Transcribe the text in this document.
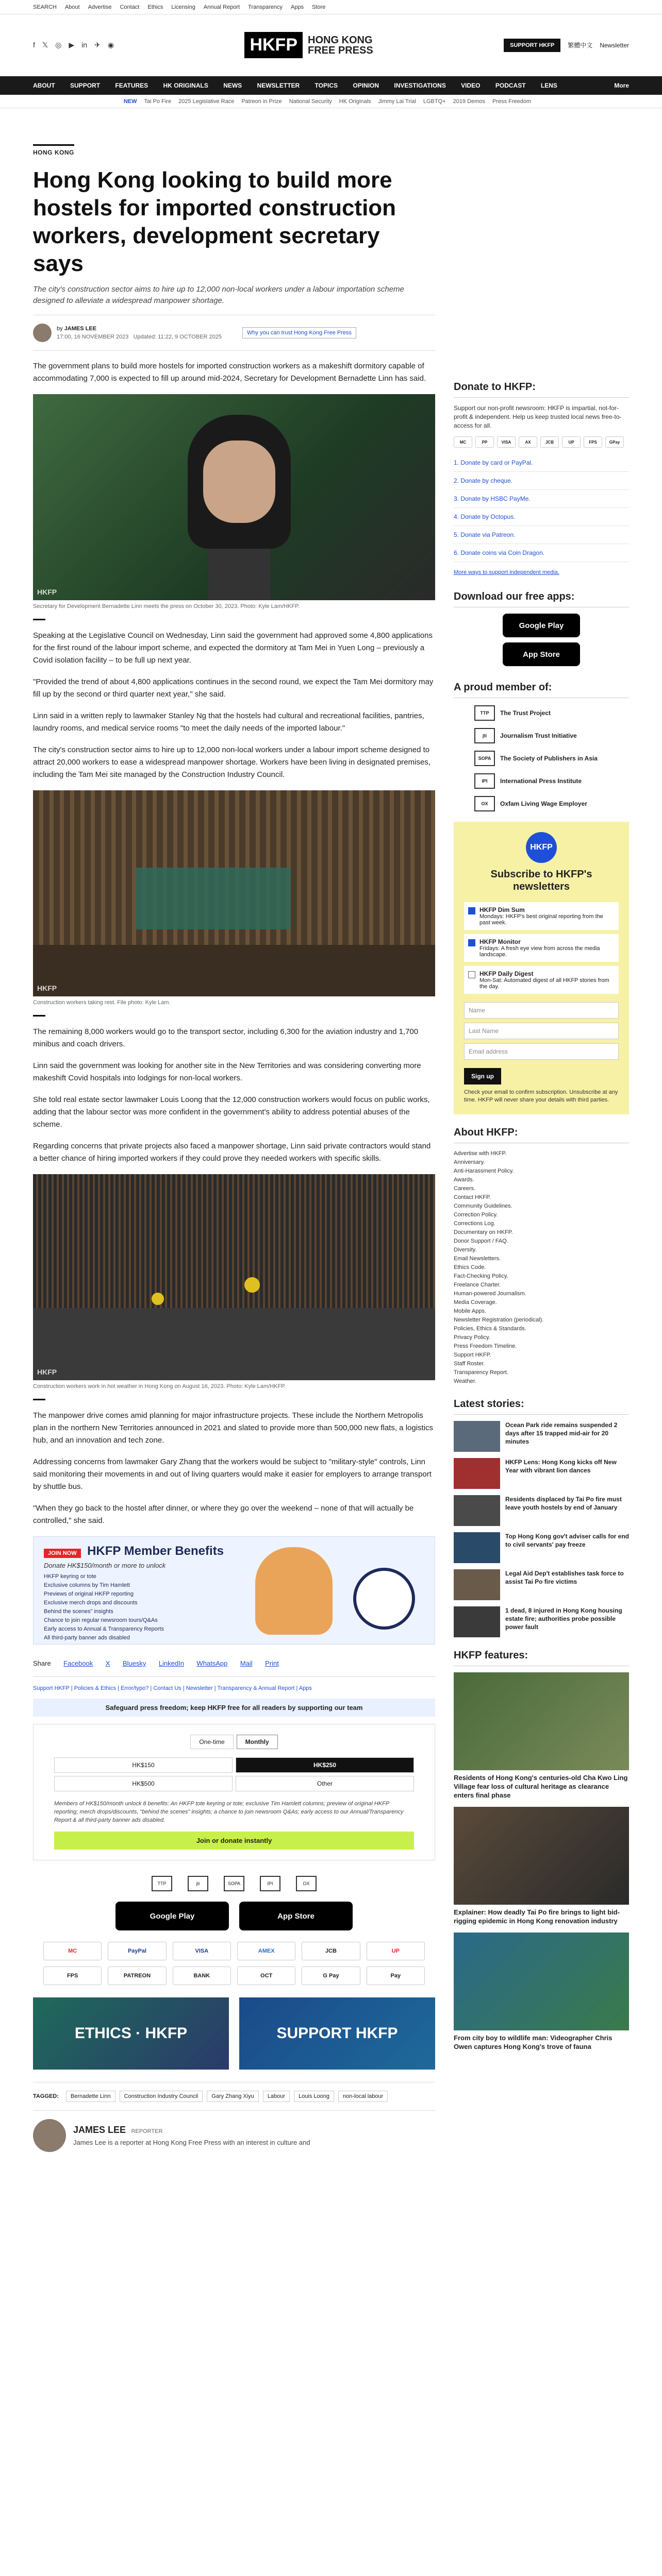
SEARCH About Advertise Contact Ethics Licensing Annual Report Transparency Apps Store
f 𝕏 ◎ ▶ in ✈ ◉	HKFP	HONG KONG
FREE PRESS	SUPPORT HKFP	繁體中文 Newsletter
ABOUT SUPPORT FEATURES HK ORIGINALS NEWS NEWSLETTER TOPICS OPINION INVESTIGATIONS VIDEO PODCAST LENS	More
NEW Tai Po Fire 2025 Legislative Race Patreon in Prize National Security HK Originals Jimmy Lai Trial LGBTQ+ 2019 Demos Press Freedom
HONG KONG
Hong Kong looking to build more hostels for imported construction workers, development secretary says
The city's construction sector aims to hire up to 12,000 non-local workers under a labour importation scheme designed to alleviate a widespread manpower shortage.
by JAMES LEE
17:00, 16 NOVEMBER 2023 Updated: 11:22, 9 OCTOBER 2025
Why you can trust Hong Kong Free Press

The government plans to build more hostels for imported construction workers as a makeshift dormitory capable of accommodating 7,000 is expected to fill up around mid-2024, Secretary for Development Bernadette Linn has said.

HKFP
Secretary for Development Bernadette Linn meets the press on October 30, 2023. Photo: Kyle Lam/HKFP.

Speaking at the Legislative Council on Wednesday, Linn said the government had approved some 4,800 applications for the first round of the labour import scheme, and expected the dormitory at Tam Mei in Yuen Long – previously a Covid isolation facility – to be full up next year.

"Provided the trend of about 4,800 applications continues in the second round, we expect the Tam Mei dormitory may fill up by the second or third quarter next year," she said.

Linn said in a written reply to lawmaker Stanley Ng that the hostels had cultural and recreational facilities, pantries, laundry rooms, and medical service rooms "to meet the daily needs of the imported labour."

The city's construction sector aims to hire up to 12,000 non-local workers under a labour import scheme designed to attract 20,000 workers to ease a widespread manpower shortage. Workers have been living in designated premises, including the Tam Mei site managed by the Construction Industry Council.

HKFP
Construction workers taking rest. File photo: Kyle Lam.

The remaining 8,000 workers would go to the transport sector, including 6,300 for the aviation industry and 1,700 minibus and coach drivers.

Linn said the government was looking for another site in the New Territories and was considering converting more makeshift Covid hospitals into lodgings for non-local workers.

She told real estate sector lawmaker Louis Loong that the 12,000 construction workers would focus on public works, adding that the labour sector was more confident in the government's ability to address potential abuses of the scheme.

Regarding concerns that private projects also faced a manpower shortage, Linn said private contractors would stand a better chance of hiring imported workers if they could prove they needed workers with specific skills.

HKFP
Construction workers work in hot weather in Hong Kong on August 16, 2023. Photo: Kyle Lam/HKFP.

The manpower drive comes amid planning for major infrastructure projects. These include the Northern Metropolis plan in the northern New Territories announced in 2021 and slated to provide more than 500,000 new flats, a logistics hub, and an innovation and tech zone.

Addressing concerns from lawmaker Gary Zhang that the workers would be subject to "military-style" controls, Linn said monitoring their movements in and out of living quarters would make it easier for employers to arrange transport by shuttle bus.

"When they go back to the hostel after dinner, or where they go over the weekend – none of that will actually be controlled," she said.

JOIN NOW HKFP Member Benefits
Donate HK$150/month or more to unlock
HKFP keyring or tote
Exclusive columns by Tim Hamlett
Previews of original HKFP reporting
Exclusive merch drops and discounts
Behind the scenes" insights
Chance to join regular newsroom tours/Q&As
Early access to Annual & Transparency Reports
All third-party banner ads disabled
Share Facebook X Bluesky LinkedIn WhatsApp Mail Print
Support HKFP | Policies & Ethics | Error/typo? | Contact Us | Newsletter | Transparency & Annual Report | Apps
Safeguard press freedom; keep HKFP free for all readers by supporting our team
One-time	Monthly
HK$150	HK$250
HK$500	Other
Members of HK$150/month unlock 8 benefits: An HKFP tote keyring or tote; exclusive Tim Hamlett columns; preview of original HKFP reporting; merch drops/discounts, "behind the scenes" insights; a chance to join newsroom Q&As; early access to our Annual/Transparency Report & all third-party banner ads disabled.
Join or donate instantly
TTP	jti	SOPA	IPI	OX
Google Play	App Store
MC	PayPal	VISA	AMEX	JCB	UP
FPS	PATREON	BANK	OCT	G Pay	Pay
ETHICS · HKFP	SUPPORT HKFP
TAGGED:	Bernadette Linn	Construction Industry Council	Gary Zhang Xiyu	Labour	Louis Loong	non-local labour
JAMES LEE REPORTER
James Lee is a reporter at Hong Kong Free Press with an interest in culture and
Donate to HKFP:
Support our non-profit newsroom: HKFP is impartial, not-for-profit & independent. Help us keep trusted local news free-to-access for all.
MC	PP	VISA	AX	JCB	UP	FPS	GPay
1. Donate by card or PayPal.
2. Donate by cheque.
3. Donate by HSBC PayMe.
4. Donate by Octopus.
5. Donate via Patreon.
6. Donate coins via Coin Dragon.
More ways to support independent media.
Download our free apps:
Google Play
App Store
A proud member of:
TTP	The Trust Project
jti	Journalism Trust Initiative
SOPA	The Society of Publishers in Asia
IPI	International Press Institute
OX	Oxfam Living Wage Employer
HKFP
Subscribe to HKFP's newsletters
HKFP Dim Sum
Mondays: HKFP's best original reporting from the past week.
HKFP Monitor
Fridays: A fresh eye view from across the media landscape.
HKFP Daily Digest
Mon-Sat: Automated digest of all HKFP stories from the day.
Name
Last Name
Email address
Sign up
Check your email to confirm subscription. Unsubscribe at any time. HKFP will never share your details with third parties.
About HKFP:
Advertise with HKFP.
Anniversary.
Anti-Harassment Policy.
Awards.
Careers.
Contact HKFP.
Community Guidelines.
Correction Policy.
Corrections Log.
Documentary on HKFP.
Donor Support / FAQ.
Diversity.
Email Newsletters.
Ethics Code.
Fact-Checking Policy.
Freelance Charter.
Human-powered Journalism.
Media Coverage.
Mobile Apps.
Newsletter Registration (periodical).
Policies, Ethics & Standards.
Privacy Policy.
Press Freedom Timeline.
Support HKFP.
Staff Roster.
Transparency Report.
Weather.
Latest stories:
Ocean Park ride remains suspended 2 days after 15 trapped mid-air for 20 minutes
HKFP Lens: Hong Kong kicks off New Year with vibrant lion dances
Residents displaced by Tai Po fire must leave youth hostels by end of January
Top Hong Kong gov't adviser calls for end to civil servants' pay freeze
Legal Aid Dep't establishes task force to assist Tai Po fire victims
1 dead, 8 injured in Hong Kong housing estate fire; authorities probe possible power fault
HKFP features:
Residents of Hong Kong's centuries-old Cha Kwo Ling Village fear loss of cultural heritage as clearance enters final phase
Explainer: How deadly Tai Po fire brings to light bid-rigging epidemic in Hong Kong renovation industry
From city boy to wildlife man: Videographer Chris Owen captures Hong Kong's trove of fauna
